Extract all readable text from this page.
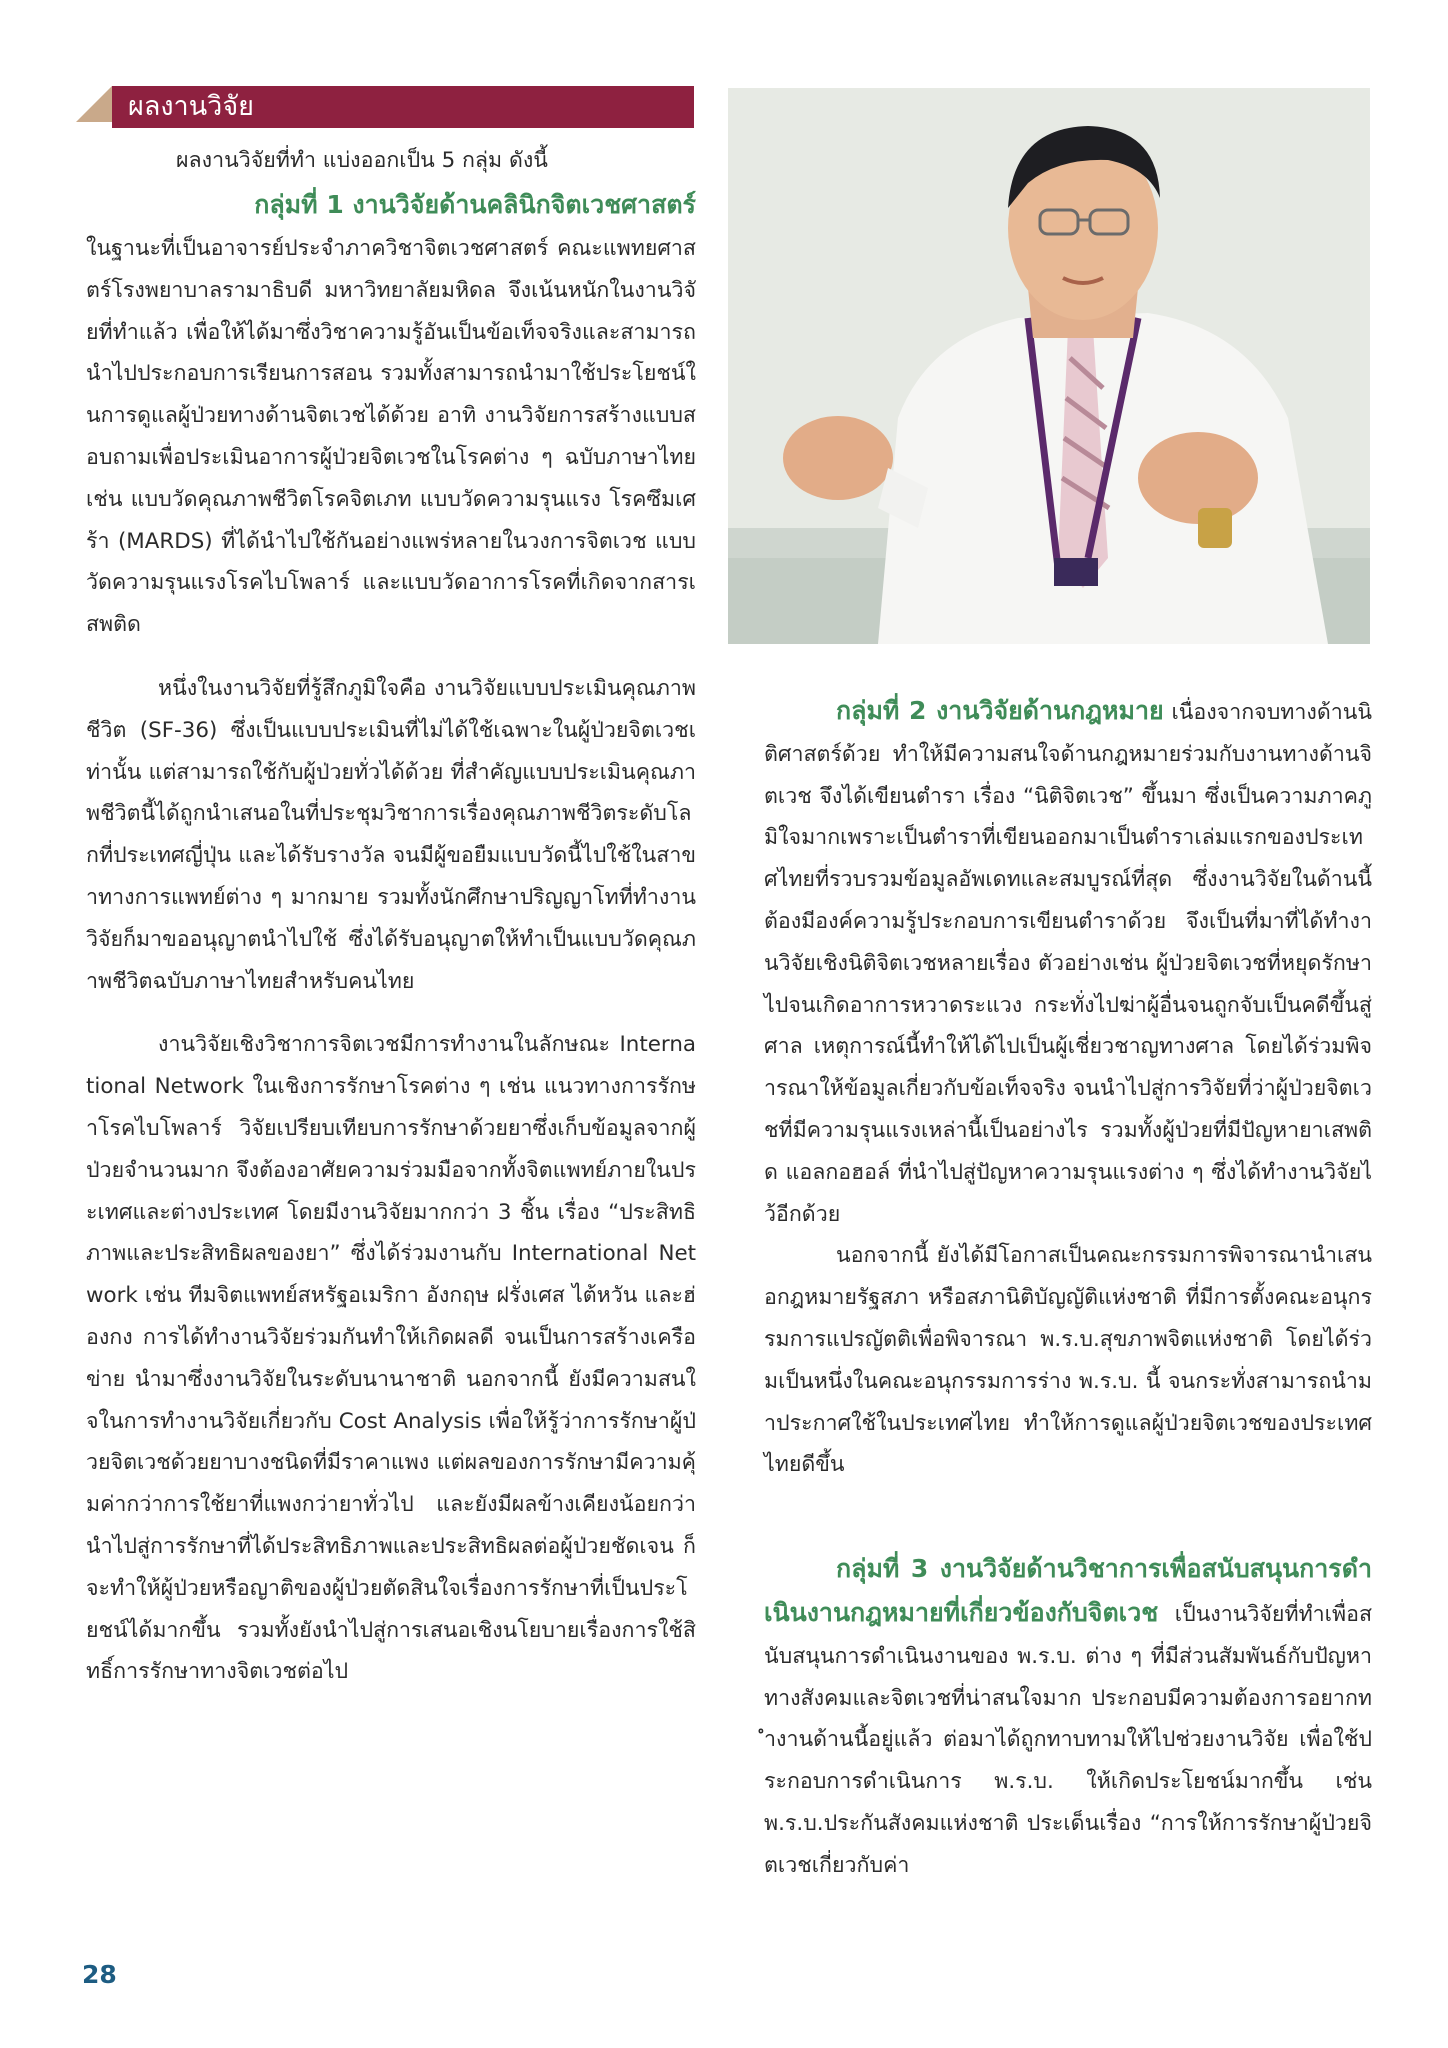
ผลงานวิจัย

ผลงานวิจัยที่ทำ แบ่งออกเป็น 5 กลุ่ม ดังนี้

กลุ่มที่ 1 งานวิจัยด้านคลินิกจิตเวชศาสตร์

ในฐานะที่เป็นอาจารย์ประจำภาควิชาจิตเวชศาสตร์ คณะแพทยศาสตร์โรงพยาบาลรามาธิบดี มหาวิทยาลัยมหิดล จึงเน้นหนักในงานวิจัยที่ทำแล้ว เพื่อให้ได้มาซึ่งวิชาความรู้อันเป็นข้อเท็จจริงและสามารถนำไปประกอบการเรียนการสอน รวมทั้งสามารถนำมาใช้ประโยชน์ในการดูแลผู้ป่วยทางด้านจิตเวชได้ด้วย อาทิ งานวิจัยการสร้างแบบสอบถามเพื่อประเมินอาการผู้ป่วยจิตเวชในโรคต่าง ๆ ฉบับภาษาไทย เช่น แบบวัดคุณภาพชีวิตโรคจิตเภท แบบวัดความรุนแรง โรคซึมเศร้า (MARDS) ที่ได้นำไปใช้กันอย่างแพร่หลายในวงการจิตเวช แบบวัดความรุนแรงโรคไบโพลาร์ และแบบวัดอาการโรคที่เกิดจากสารเสพติด

หนึ่งในงานวิจัยที่รู้สึกภูมิใจคือ งานวิจัยแบบประเมินคุณภาพชีวิต (SF-36) ซึ่งเป็นแบบประเมินที่ไม่ได้ใช้เฉพาะในผู้ป่วยจิตเวชเท่านั้น แต่สามารถใช้กับผู้ป่วยทั่วได้ด้วย ที่สำคัญแบบประเมินคุณภาพชีวิตนี้ได้ถูกนำเสนอในที่ประชุมวิชาการเรื่องคุณภาพชีวิตระดับโลกที่ประเทศญี่ปุ่น และได้รับรางวัล จนมีผู้ขอยืมแบบวัดนี้ไปใช้ในสาขาทางการแพทย์ต่าง ๆ มากมาย รวมทั้งนักศึกษาปริญญาโทที่ทำงานวิจัยก็มาขออนุญาตนำไปใช้ ซึ่งได้รับอนุญาตให้ทำเป็นแบบวัดคุณภาพชีวิตฉบับภาษาไทยสำหรับคนไทย

งานวิจัยเชิงวิชาการจิตเวชมีการทำงานในลักษณะ International Network ในเชิงการรักษาโรคต่าง ๆ เช่น แนวทางการรักษาโรคไบโพลาร์ วิจัยเปรียบเทียบการรักษาด้วยยาซึ่งเก็บข้อมูลจากผู้ป่วยจำนวนมาก จึงต้องอาศัยความร่วมมือจากทั้งจิตแพทย์ภายในประเทศและต่างประเทศ โดยมีงานวิจัยมากกว่า 3 ชิ้น เรื่อง “ประสิทธิภาพและประสิทธิผลของยา” ซึ่งได้ร่วมงานกับ International Network เช่น ทีมจิตแพทย์สหรัฐอเมริกา อังกฤษ ฝรั่งเศส ไต้หวัน และฮ่องกง การได้ทำงานวิจัยร่วมกันทำให้เกิดผลดี จนเป็นการสร้างเครือข่าย นำมาซึ่งงานวิจัยในระดับนานาชาติ นอกจากนี้ ยังมีความสนใจในการทำงานวิจัยเกี่ยวกับ Cost Analysis เพื่อให้รู้ว่าการรักษาผู้ป่วยจิตเวชด้วยยาบางชนิดที่มีราคาแพง แต่ผลของการรักษามีความคุ้มค่ากว่าการใช้ยาที่แพงกว่ายาทั่วไป และยังมีผลข้างเคียงน้อยกว่า นำไปสู่การรักษาที่ได้ประสิทธิภาพและประสิทธิผลต่อผู้ป่วยชัดเจน ก็จะทำให้ผู้ป่วยหรือญาติของผู้ป่วยตัดสินใจเรื่องการรักษาที่เป็นประโยชน์ได้มากขึ้น รวมทั้งยังนำไปสู่การเสนอเชิงนโยบายเรื่องการใช้สิทธิ์การรักษาทางจิตเวชต่อไป

กลุ่มที่ 2 งานวิจัยด้านกฎหมาย เนื่องจากจบทางด้านนิติศาสตร์ด้วย ทำให้มีความสนใจด้านกฎหมายร่วมกับงานทางด้านจิตเวช จึงได้เขียนตำรา เรื่อง “นิติจิตเวช” ขึ้นมา ซึ่งเป็นความภาคภูมิใจมากเพราะเป็นตำราที่เขียนออกมาเป็นตำราเล่มแรกของประเทศไทยที่รวบรวมข้อมูลอัพเดทและสมบูรณ์ที่สุด ซึ่งงานวิจัยในด้านนี้ต้องมีองค์ความรู้ประกอบการเขียนตำราด้วย จึงเป็นที่มาที่ได้ทำงานวิจัยเชิงนิติจิตเวชหลายเรื่อง ตัวอย่างเช่น ผู้ป่วยจิตเวชที่หยุดรักษาไปจนเกิดอาการหวาดระแวง กระทั่งไปฆ่าผู้อื่นจนถูกจับเป็นคดีขึ้นสู่ศาล เหตุการณ์นี้ทำให้ได้ไปเป็นผู้เชี่ยวชาญทางศาล โดยได้ร่วมพิจารณาให้ข้อมูลเกี่ยวกับข้อเท็จจริง จนนำไปสู่การวิจัยที่ว่าผู้ป่วยจิตเวชที่มีความรุนแรงเหล่านี้เป็นอย่างไร รวมทั้งผู้ป่วยที่มีปัญหายาเสพติด แอลกอฮอล์ ที่นำไปสู่ปัญหาความรุนแรงต่าง ๆ ซึ่งได้ทำงานวิจัยไว้อีกด้วย

นอกจากนี้ ยังได้มีโอกาสเป็นคณะกรรมการพิจารณานำเสนอกฎหมายรัฐสภา หรือสภานิติบัญญัติแห่งชาติ ที่มีการตั้งคณะอนุกรรมการแปรญัตติเพื่อพิจารณา พ.ร.บ.สุขภาพจิตแห่งชาติ โดยได้ร่วมเป็นหนึ่งในคณะอนุกรรมการร่าง พ.ร.บ. นี้ จนกระทั่งสามารถนำมาประกาศใช้ในประเทศไทย ทำให้การดูแลผู้ป่วยจิตเวชของประเทศไทยดีขึ้น

กลุ่มที่ 3 งานวิจัยด้านวิชาการเพื่อสนับสนุนการดำเนินงานกฎหมายที่เกี่ยวข้องกับจิตเวช เป็นงานวิจัยที่ทำเพื่อสนับสนุนการดำเนินงานของ พ.ร.บ. ต่าง ๆ ที่มีส่วนสัมพันธ์กับปัญหาทางสังคมและจิตเวชที่น่าสนใจมาก ประกอบมีความต้องการอยากทำงานด้านนี้อยู่แล้ว ต่อมาได้ถูกทาบทามให้ไปช่วยงานวิจัย เพื่อใช้ประกอบการดำเนินการ พ.ร.บ. ให้เกิดประโยชน์มากขึ้น เช่น พ.ร.บ.ประกันสังคมแห่งชาติ ประเด็นเรื่อง “การให้การรักษาผู้ป่วยจิตเวชเกี่ยวกับค่า

28
